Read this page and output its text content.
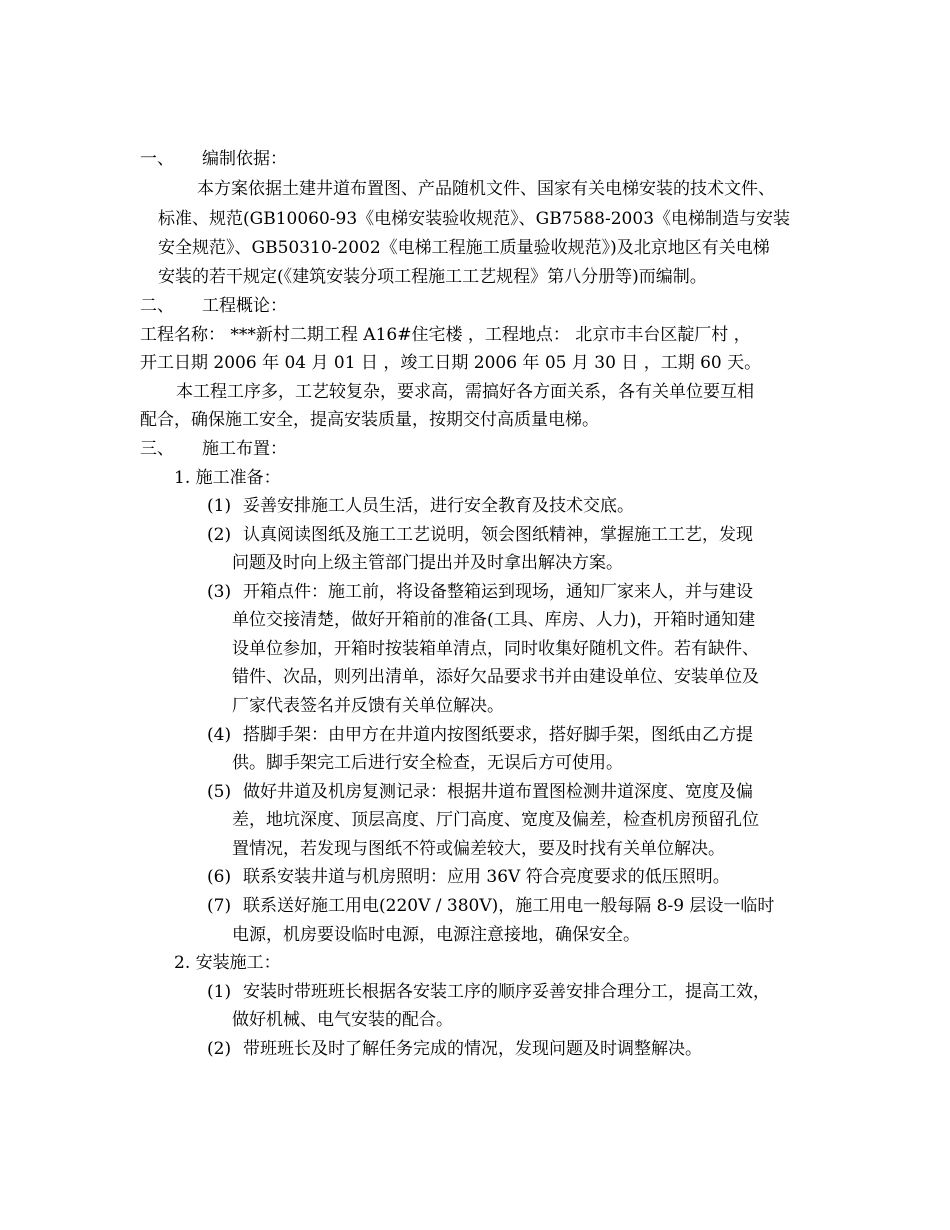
一、 编制依据：
本方案依据土建井道布置图、产品随机文件、国家有关电梯安装的技术文件、
标准、规范(GB10060-93《电梯安装验收规范》、GB7588-2003《电梯制造与安装
安全规范》、GB50310-2002《电梯工程施工质量验收规范》)及北京地区有关电梯
安装的若干规定(《建筑安装分项工程施工工艺规程》第八分册等)而编制。
二、 工程概论：
工程名称： ***新村二期工程 A16#住宅楼 ，工程地点： 北京市丰台区靛厂村 ，
开工日期 2006 年 04 月 01 日 ，竣工日期 2006 年 05 月 30 日 ，工期 60 天。
本工程工序多，工艺较复杂，要求高，需搞好各方面关系，各有关单位要互相
配合，确保施工安全，提高安装质量，按期交付高质量电梯。
三、 施工布置：
1. 施工准备：
(1) 妥善安排施工人员生活，进行安全教育及技术交底。
(2) 认真阅读图纸及施工工艺说明，领会图纸精神，掌握施工工艺，发现
问题及时向上级主管部门提出并及时拿出解决方案。
(3) 开箱点件：施工前，将设备整箱运到现场，通知厂家来人，并与建设
单位交接清楚，做好开箱前的准备(工具、库房、人力)，开箱时通知建
设单位参加，开箱时按装箱单清点，同时收集好随机文件。若有缺件、
错件、次品，则列出清单，添好欠品要求书并由建设单位、安装单位及
厂家代表签名并反馈有关单位解决。
(4) 搭脚手架：由甲方在井道内按图纸要求，搭好脚手架，图纸由乙方提
供。脚手架完工后进行安全检查，无误后方可使用。
(5) 做好井道及机房复测记录：根据井道布置图检测井道深度、宽度及偏
差，地坑深度、顶层高度、厅门高度、宽度及偏差，检查机房预留孔位
置情况，若发现与图纸不符或偏差较大，要及时找有关单位解决。
(6) 联系安装井道与机房照明：应用 36V 符合亮度要求的低压照明。
(7) 联系送好施工用电(220V / 380V)，施工用电一般每隔 8-9 层设一临时
电源，机房要设临时电源，电源注意接地，确保安全。
2. 安装施工：
(1) 安装时带班班长根据各安装工序的顺序妥善安排合理分工，提高工效，
做好机械、电气安装的配合。
(2) 带班班长及时了解任务完成的情况，发现问题及时调整解决。
